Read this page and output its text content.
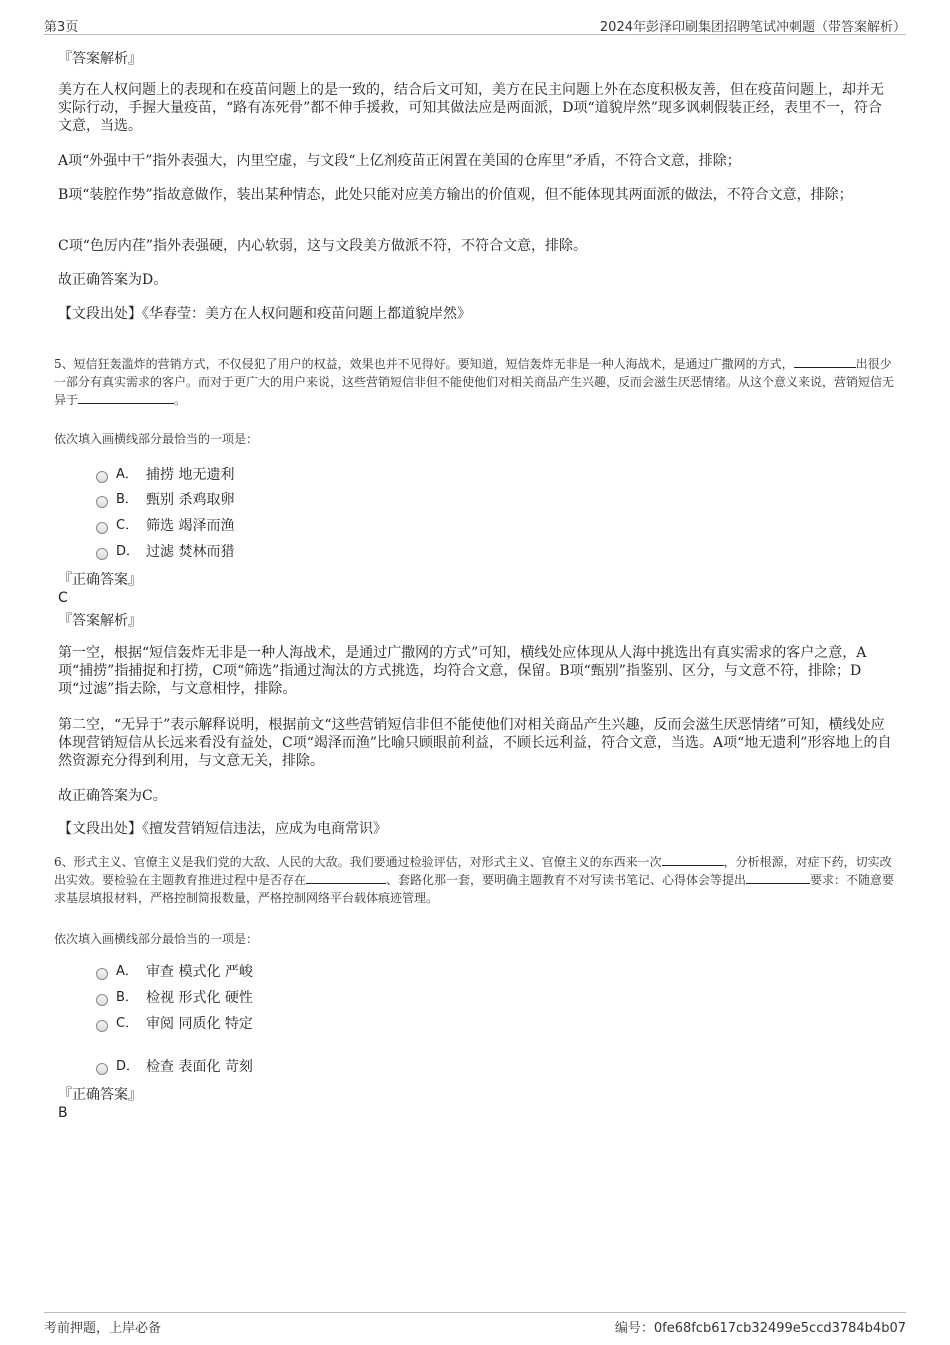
第3页	2024年彭泽印刷集团招聘笔试冲刺题（带答案解析）

『答案解析』

美方在人权问题上的表现和在疫苗问题上的是一致的，结合后文可知，美方在民主问题上外在态度积极友善，但在疫苗问题上，却并无实际行动，手握大量疫苗，“路有冻死骨”都不伸手援救，可知其做法应是两面派，D项“道貌岸然”现多讽刺假装正经，表里不一，符合文意，当选。

A项“外强中干”指外表强大，内里空虚，与文段“上亿剂疫苗正闲置在美国的仓库里”矛盾，不符合文意，排除；

B项“装腔作势”指故意做作，装出某种情态，此处只能对应美方输出的价值观，但不能体现其两面派的做法，不符合文意，排除；

C项“色厉内荏”指外表强硬，内心软弱，这与文段美方做派不符，不符合文意，排除。

故正确答案为D。

【文段出处】《华春莹：美方在人权问题和疫苗问题上都道貌岸然》

5、短信狂轰滥炸的营销方式，不仅侵犯了用户的权益，效果也并不见得好。要知道，短信轰炸无非是一种人海战术，是通过广撒网的方式，	出很少一部分有真实需求的客户。而对于更广大的用户来说，这些营销短信非但不能使他们对相关商品产生兴趣，反而会滋生厌恶情绪。从这个意义来说，营销短信无异于	。

依次填入画横线部分最恰当的一项是：

A． 捕捞 地无遗利
B． 甄别 杀鸡取卵
C． 筛选 竭泽而渔
D． 过滤 焚林而猎

『正确答案』

C

『答案解析』

第一空，根据“短信轰炸无非是一种人海战术，是通过广撒网的方式”可知，横线处应体现从人海中挑选出有真实需求的客户之意，A项“捕捞”指捕捉和打捞，C项“筛选”指通过淘汰的方式挑选，均符合文意，保留。B项“甄别”指鉴别、区分，与文意不符，排除；D项“过滤”指去除，与文意相悖，排除。

第二空，“无异于”表示解释说明，根据前文“这些营销短信非但不能使他们对相关商品产生兴趣，反而会滋生厌恶情绪”可知，横线处应体现营销短信从长远来看没有益处，C项“竭泽而渔”比喻只顾眼前利益，不顾长远利益，符合文意，当选。A项“地无遗利”形容地上的自然资源充分得到利用，与文意无关，排除。

故正确答案为C。

【文段出处】《擅发营销短信违法，应成为电商常识》

6、形式主义、官僚主义是我们党的大敌、人民的大敌。我们要通过检验评估，对形式主义、官僚主义的东西来一次	，分析根源，对症下药，切实改出实效。要检验在主题教育推进过程中是否存在	、套路化那一套，要明确主题教育不对写读书笔记、心得体会等提出	要求：不随意要求基层填报材料，严格控制简报数量，严格控制网络平台载体痕迹管理。

依次填入画横线部分最恰当的一项是：

A． 审查 模式化 严峻
B． 检视 形式化 硬性
C． 审阅 同质化 特定
D． 检查 表面化 苛刻

『正确答案』

B
考前押题，上岸必备	编号：0fe68fcb617cb32499e5ccd3784b4b07
